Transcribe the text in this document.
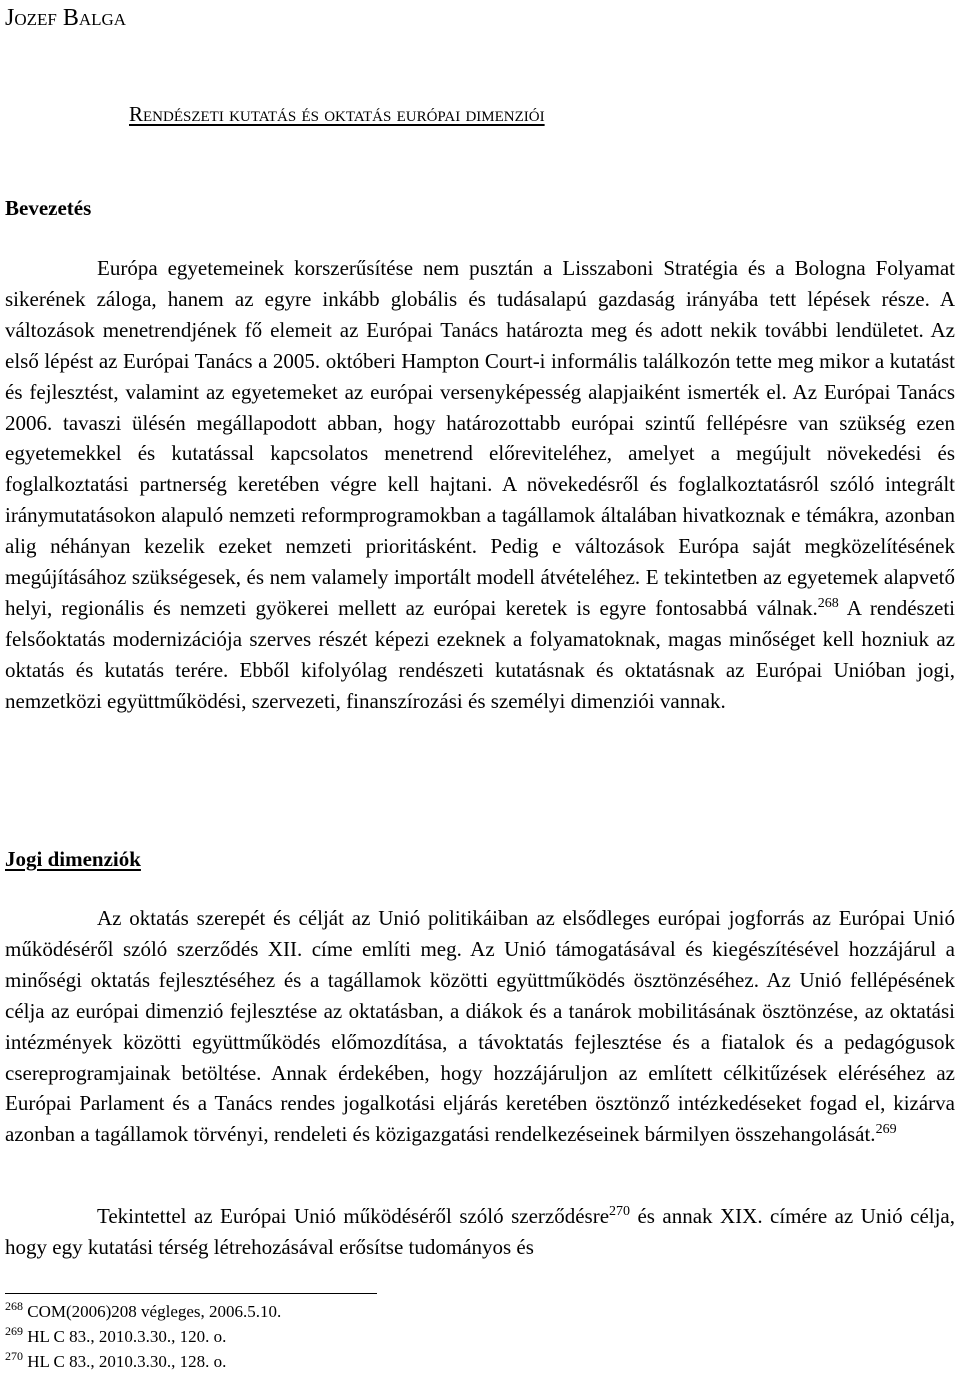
Jozef Balga
Rendészeti kutatás és oktatás európai dimenziói
Bevezetés

Európa egyetemeinek korszerűsítése nem pusztán a Lisszaboni Stratégia és a Bologna Folyamat sikerének záloga, hanem az egyre inkább globális és tudásalapú gazdaság irányába tett lépések része. A változások menetrendjének fő elemeit az Európai Tanács határozta meg és adott nekik további lendületet. Az első lépést az Európai Tanács a 2005. októberi Hampton Court-i informális találkozón tette meg mikor a kutatást és fejlesztést, valamint az egyetemeket az európai versenyképesség alapjaiként ismerték el. Az Európai Tanács 2006. tavaszi ülésén megállapodott abban, hogy határozottabb európai szintű fellépésre van szükség ezen egyetemekkel és kutatással kapcsolatos menetrend előreviteléhez, amelyet a megújult növekedési és foglalkoztatási partnerség keretében végre kell hajtani. A növekedésről és foglalkoztatásról szóló integrált iránymutatásokon alapuló nemzeti reformprogramokban a tagállamok általában hivatkoznak e témákra, azonban alig néhányan kezelik ezeket nemzeti prioritásként. Pedig e változások Európa saját megközelítésének megújításához szükségesek, és nem valamely importált modell átvételéhez. E tekintetben az egyetemek alapvető helyi, regionális és nemzeti gyökerei mellett az európai keretek is egyre fontosabbá válnak.$^{268}$ A rendészeti felsőoktatás modernizációja szerves részét képezi ezeknek a folyamatoknak, magas minőséget kell hozniuk az oktatás és kutatás terére. Ebből kifolyólag rendészeti kutatásnak és oktatásnak az Európai Unióban jogi, nemzetközi együttműködési, szervezeti, finanszírozási és személyi dimenziói vannak.

Jogi dimenziók

Az oktatás szerepét és célját az Unió politikáiban az elsődleges európai jogforrás az Európai Unió működéséről szóló szerződés XII. címe említi meg. Az Unió támogatásával és kiegészítésével hozzájárul a minőségi oktatás fejlesztéséhez és a tagállamok közötti együttműködés ösztönzéséhez. Az Unió fellépésének célja az európai dimenzió fejlesztése az oktatásban, a diákok és a tanárok mobilitásának ösztönzése, az oktatási intézmények közötti együttműködés előmozdítása, a távoktatás fejlesztése és a fiatalok és a pedagógusok csereprogramjainak betöltése. Annak érdekében, hogy hozzájáruljon az említett célkitűzések eléréséhez az Európai Parlament és a Tanács rendes jogalkotási eljárás keretében ösztönző intézkedéseket fogad el, kizárva azonban a tagállamok törvényi, rendeleti és közigazgatási rendelkezéseinek bármilyen összehangolását.$^{269}$

Tekintettel az Európai Unió működéséről szóló szerződésre$^{270}$ és annak XIX. címére az Unió célja, hogy egy kutatási térség létrehozásával erősítse tudományos és

$^{268}$ COM(2006)208 végleges, 2006.5.10.
$^{269}$ HL C 83., 2010.3.30., 120. o.
$^{270}$ HL C 83., 2010.3.30., 128. o.
